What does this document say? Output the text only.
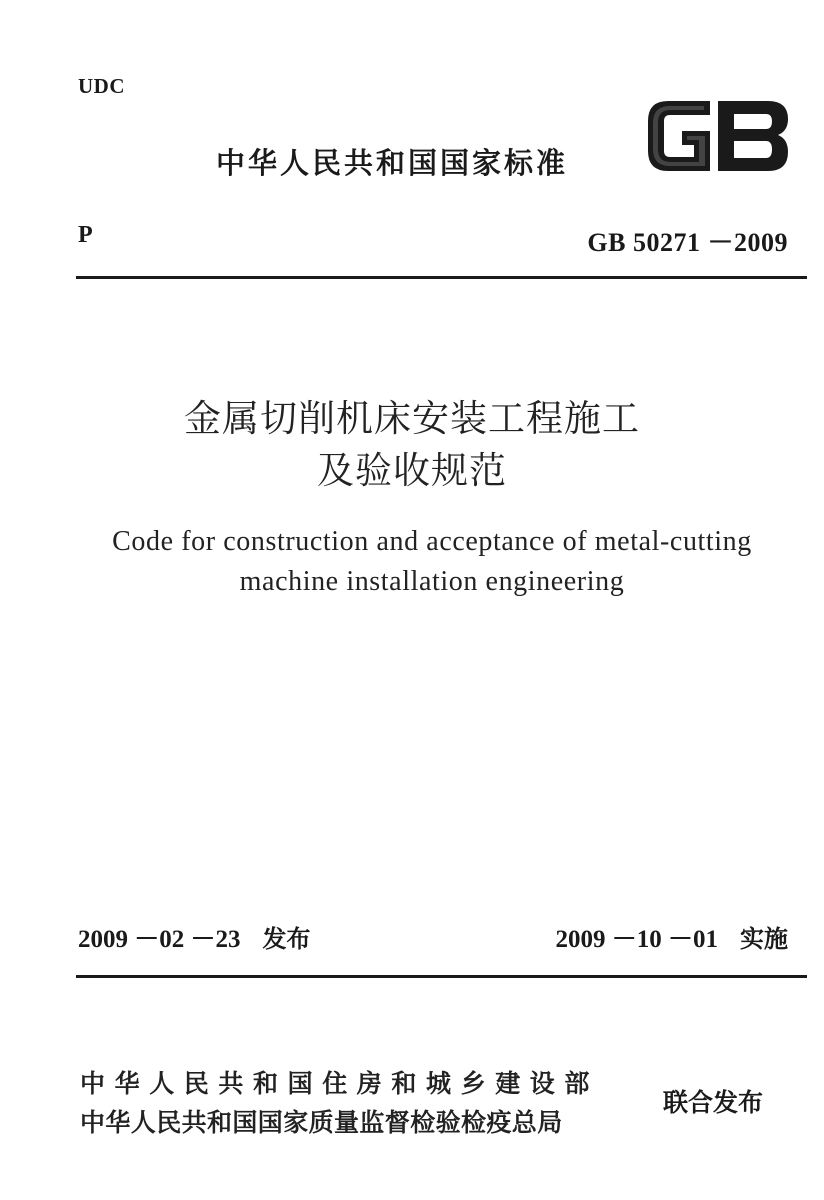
UDC

中华人民共和国国家标准

GB

P	GB 50271 －2009

金属切削机床安装工程施工
及验收规范
Code for construction and acceptance of metal-cutting
machine installation engineering

2009 －02 －23 发布	2009 －10 －01 实施

中华人民共和国住房和城乡建设部

中华人民共和国国家质量监督检验检疫总局

联合发布
